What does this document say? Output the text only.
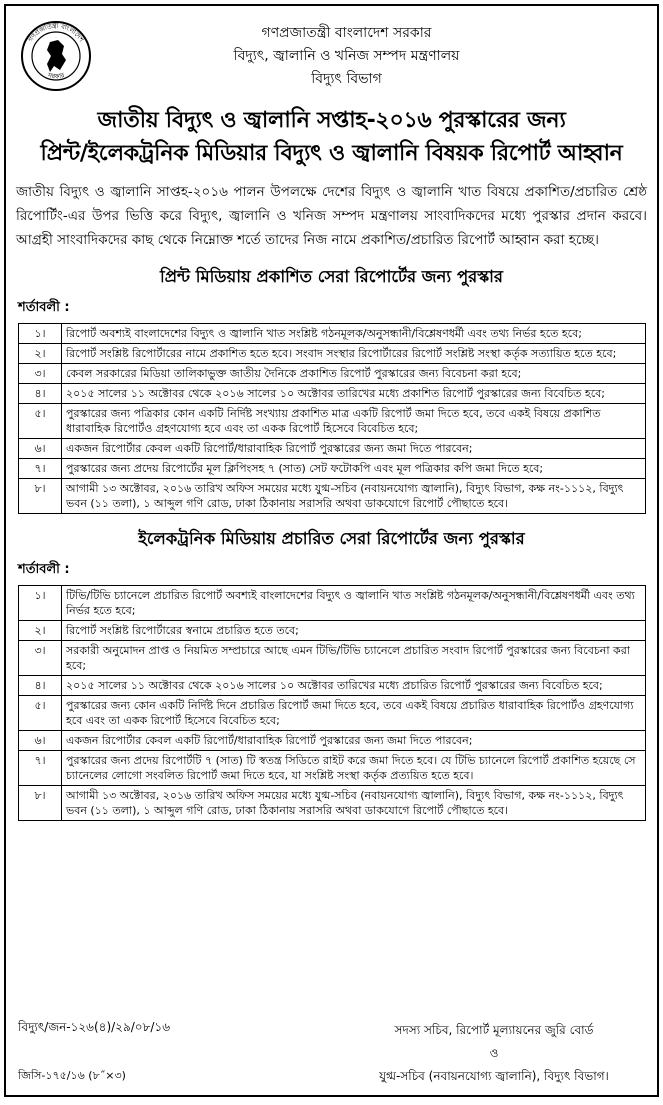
গণপ্রজাতন্ত্রী বাংলাদেশ
সরকার
গণপ্রজাতন্ত্রী বাংলাদেশ সরকার
বিদ্যুৎ, জ্বালানি ও খনিজ সম্পদ মন্ত্রণালয়
বিদ্যুৎ বিভাগ
জাতীয় বিদ্যুৎ ও জ্বালানি সপ্তাহ-২০১৬ পুরস্কারের জন্য
প্রিন্ট/ইলেকট্রনিক মিডিয়ার বিদ্যুৎ ও জ্বালানি বিষয়ক রিপোর্ট আহ্বান
জাতীয় বিদ্যুৎ ও জ্বালানি সাপ্তহ-২০১৬ পালন উপলক্ষে দেশের বিদ্যুৎ ও জ্বালানি খাত বিষয়ে প্রকাশিত/প্রচারিত শ্রেষ্ঠ রিপোর্টিং-এর উপর ভিত্তি করে বিদ্যুৎ, জ্বালানি ও খনিজ সম্পদ মন্ত্রণালয় সাংবাদিকদের মধ্যে পুরস্কার প্রদান করবে। আগ্রহী সাংবাদিকদের কাছ থেকে নিম্নোক্ত শর্তে তাদের নিজ নামে প্রকাশিত/প্রচারিত রিপোর্ট আহ্বান করা হচ্ছে।
প্রিন্ট মিডিয়ায় প্রকাশিত সেরা রিপোর্টের জন্য পুরস্কার
শর্তাবলী :
১।	রিপোর্ট অবশ্যই বাংলাদেশের বিদ্যুৎ ও জ্বালানি খাত সংশ্লিষ্ট গঠনমূলক/অনুসন্ধানী/বিশ্লেষণধর্মী এবং তথ্য নির্ভর হতে হবে;
২।	রিপোর্ট সংশ্লিষ্ট রিপোর্টারের নামে প্রকাশিত হতে হবে। সংবাদ সংস্থার রিপোর্টারের রিপোর্ট সংশ্লিষ্ট সংস্থা কর্তৃক সত্যায়িত হতে হবে;
৩।	কেবল সরকারের মিডিয়া তালিকাভুক্ত জাতীয় দৈনিকে প্রকাশিত রিপোর্ট পুরস্কারের জন্য বিবেচনা করা হবে;
৪।	২০১৫ সালের ১১ অক্টোবর থেকে ২০১৬ সালের ১০ অক্টোবর তারিখের মধ্যে প্রকাশিত রিপোর্ট পুরস্কারের জন্য বিবেচিত হবে;
৫।	পুরস্কারের জন্য পত্রিকার কোন একটি নির্দিষ্ট সংখ্যায় প্রকাশিত মাত্র একটি রিপোর্ট জমা দিতে হবে, তবে একই বিষয়ে প্রকাশিত ধারাবাহিক রিপোর্টও গ্রহণযোগ্য হবে এবং তা একক রিপোর্ট হিসেবে বিবেচিত হবে;
৬।	একজন রিপোর্টার কেবল একটি রিপোর্ট/ধারাবাহিক রিপোর্ট পুরস্কারের জন্য জমা দিতে পারবেন;
৭।	পুরস্কারের জন্য প্রদেয় রিপোর্টের মূল ক্লিপিংসহ ৭ (সাত) সেট ফটোকপি এবং মূল পত্রিকার কপি জমা দিতে হবে;
৮।	আগামী ১৩ অক্টোবর, ২০১৬ তারিখ অফিস সময়ের মধ্যে যুগ্ম-সচিব (নবায়নযোগ্য জ্বালানি), বিদ্যুৎ বিভাগ, কক্ষ নং-১১১২, বিদ্যুৎ ভবন (১১ তলা), ১ আব্দুল গণি রোড, ঢাকা ঠিকানায় সরাসরি অথবা ডাকযোগে রিপোর্ট পৌছাতে হবে।
ইলেকট্রনিক মিডিয়ায় প্রচারিত সেরা রিপোর্টের জন্য পুরস্কার
শর্তাবলী :
১।	টিভি/টিভি চ্যানেলে প্রচারিত রিপোর্ট অবশ্যই বাংলাদেশের বিদ্যুৎ ও জ্বালানি খাত সংশ্লিষ্ট গঠনমূলক/অনুসন্ধানী/বিশ্লেষণধর্মী এবং তথ্য নির্ভর হতে হবে;
২।	রিপোর্ট সংশ্লিষ্ট রিপোর্টারের স্বনামে প্রচারিত হতে তবে;
৩।	সরকারী অনুমোদন প্রাপ্ত ও নিয়মিত সম্প্রচারে আছে এমন টিভি/টিভি চ্যানেলে প্রচারিত সংবাদ রিপোর্ট পুরস্কারের জন্য বিবেচনা করা হবে;
৪।	২০১৫ সালের ১১ অক্টোবর থেকে ২০১৬ সালের ১০ অক্টোবর তারিখের মধ্যে প্রচারিত রিপোর্ট পুরস্কারের জন্য বিবেচিত হবে;
৫।	পুরস্কারের জন্য কোন একটি নির্দিষ্ট দিনে প্রচারিত রিপোর্ট জমা দিতে হবে, তবে একই বিষয়ে প্রচারিত ধারাবাহিক রিপোর্টও গ্রহণযোগ্য হবে এবং তা একক রিপোর্ট হিসেবে বিবেচিত হবে;
৬।	একজন রিপোর্টার কেবল একটি রিপোর্ট/ধারাবাহিক রিপোর্ট পুরস্কারের জন্য জমা দিতে পারবেন;
৭।	পুরস্কারের জন্য প্রদেয় রিপোর্টটি ৭ (সাত) টি স্বতন্ত্র সিডিতে রাইট করে জমা দিতে হবে। যে টিভি চ্যানেলে রিপোর্ট প্রকাশিত হয়েছে সে চ্যানেলের লোগো সংবলিত রিপোর্ট জমা দিতে হবে, যা সংশ্লিষ্ট সংস্থা কর্তৃক প্রত্যয়িত হতে হবে।
৮।	আগামী ১৩ অক্টোবর, ২০১৬ তারিখ অফিস সময়ের মধ্যে যুগ্ম-সচিব (নবায়নযোগ্য জ্বালানি), বিদ্যুৎ বিভাগ, কক্ষ নং-১১১২, বিদ্যুৎ ভবন (১১ তলা), ১ আব্দুল গণি রোড, ঢাকা ঠিকানায় সরাসরি অথবা ডাকযোগে রিপোর্ট পৌছাতে হবে।
বিদ্যুৎ/জন-১২৬(৪)/২৯/০৮/১৬
জিসি-১৭৫/১৬ (৮˝×৩)
সদস্য সচিব, রিপোর্ট মূল্যায়নের জুরি বোর্ড
ও
যুগ্ম-সচিব (নবায়নযোগ্য জ্বালানি), বিদ্যুৎ বিভাগ।
